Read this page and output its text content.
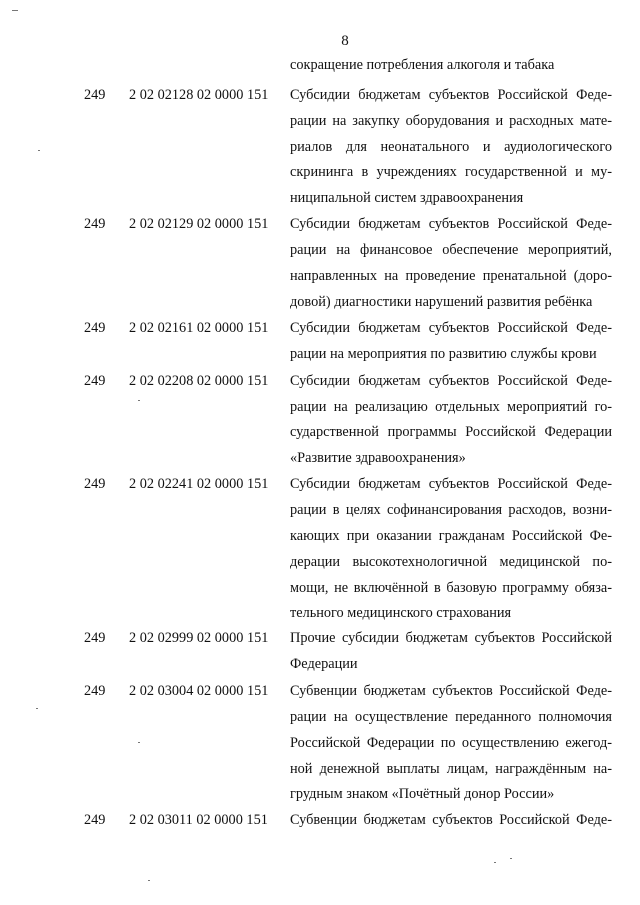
8
сокращение потребления алкоголя и табака
249 2 02 02128 02 0000 151 Субсидии бюджетам субъектов Российской Феде-
рации на закупку оборудования и расходных мате-
риалов для неонатального и аудиологического
скрининга в учреждениях государственной и му-
ниципальной систем здравоохранения
249 2 02 02129 02 0000 151 Субсидии бюджетам субъектов Российской Феде-
рации на финансовое обеспечение мероприятий,
направленных на проведение пренатальной (доро-
довой) диагностики нарушений развития ребёнка
249 2 02 02161 02 0000 151 Субсидии бюджетам субъектов Российской Феде-
рации на мероприятия по развитию службы крови
249 2 02 02208 02 0000 151 Субсидии бюджетам субъектов Российской Феде-
рации на реализацию отдельных мероприятий го-
сударственной программы Российской Федерации
«Развитие здравоохранения»
249 2 02 02241 02 0000 151 Субсидии бюджетам субъектов Российской Феде-
рации в целях софинансирования расходов, возни-
кающих при оказании гражданам Российской Фе-
дерации высокотехнологичной медицинской по-
мощи, не включённой в базовую программу обяза-
тельного медицинского страхования
249 2 02 02999 02 0000 151 Прочие субсидии бюджетам субъектов Российской
Федерации
249 2 02 03004 02 0000 151 Субвенции бюджетам субъектов Российской Феде-
рации на осуществление переданного полномочия
Российской Федерации по осуществлению ежегод-
ной денежной выплаты лицам, награждённым на-
грудным знаком «Почётный донор России»
249 2 02 03011 02 0000 151 Субвенции бюджетам субъектов Российской Феде-
